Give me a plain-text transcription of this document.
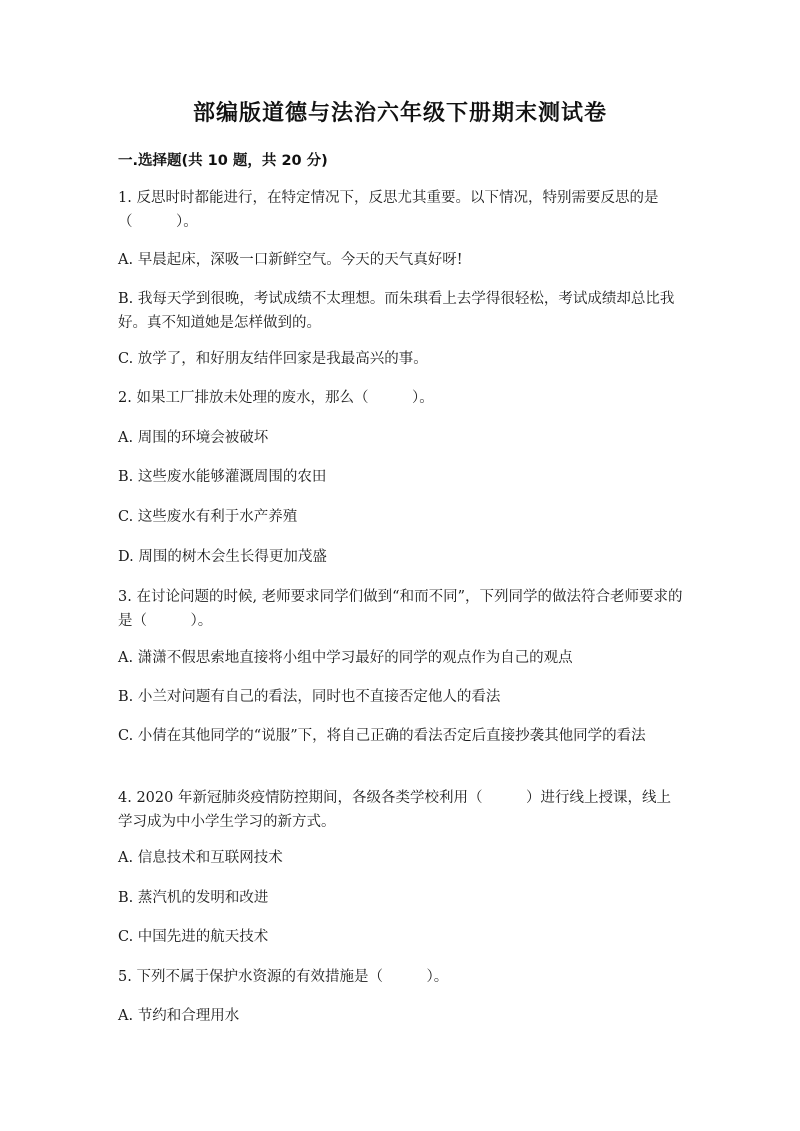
部编版道德与法治六年级下册期末测试卷
一.选择题(共 10 题，共 20 分)
1. 反思时时都能进行，在特定情况下，反思尤其重要。以下情况，特别需要反思的是（　　　）。
A. 早晨起床，深吸一口新鲜空气。今天的天气真好呀!
B. 我每天学到很晚，考试成绩不太理想。而朱琪看上去学得很轻松，考试成绩却总比我好。真不知道她是怎样做到的。
C. 放学了，和好朋友结伴回家是我最高兴的事。
2. 如果工厂排放未处理的废水，那么（　　　）。
A. 周围的环境会被破坏
B. 这些废水能够灌溉周围的农田
C. 这些废水有利于水产养殖
D. 周围的树木会生长得更加茂盛
3. 在讨论问题的时候, 老师要求同学们做到“和而不同”，下列同学的做法符合老师要求的是（　　　）。
A. 潇潇不假思索地直接将小组中学习最好的同学的观点作为自己的观点
B. 小兰对问题有自己的看法，同时也不直接否定他人的看法
C. 小倩在其他同学的“说服”下，将自己正确的看法否定后直接抄袭其他同学的看法
4. 2020 年新冠肺炎疫情防控期间，各级各类学校利用（　　　）进行线上授课，线上学习成为中小学生学习的新方式。
A. 信息技术和互联网技术
B. 蒸汽机的发明和改进
C. 中国先进的航天技术
5. 下列不属于保护水资源的有效措施是（　　　）。
A. 节约和合理用水
